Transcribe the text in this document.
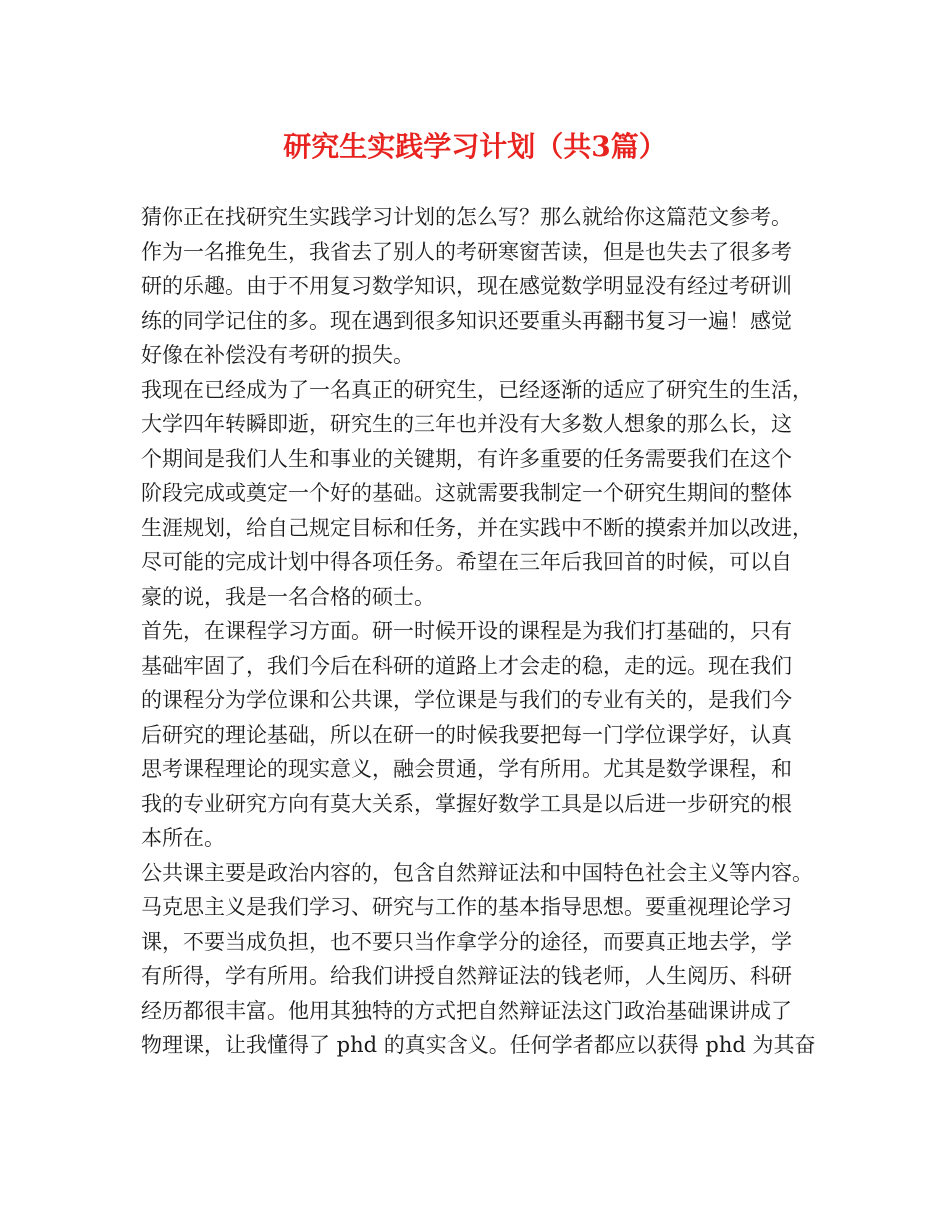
研究生实践学习计划（共3篇）
猜你正在找研究生实践学习计划的怎么写？那么就给你这篇范文参考。
作为一名推免生，我省去了别人的考研寒窗苦读，但是也失去了很多考
研的乐趣。由于不用复习数学知识，现在感觉数学明显没有经过考研训
练的同学记住的多。现在遇到很多知识还要重头再翻书复习一遍！感觉
好像在补偿没有考研的损失。
我现在已经成为了一名真正的研究生，已经逐渐的适应了研究生的生活，
大学四年转瞬即逝，研究生的三年也并没有大多数人想象的那么长，这
个期间是我们人生和事业的关键期，有许多重要的任务需要我们在这个
阶段完成或奠定一个好的基础。这就需要我制定一个研究生期间的整体
生涯规划，给自己规定目标和任务，并在实践中不断的摸索并加以改进，
尽可能的完成计划中得各项任务。希望在三年后我回首的时候，可以自
豪的说，我是一名合格的硕士。
首先，在课程学习方面。研一时候开设的课程是为我们打基础的，只有
基础牢固了，我们今后在科研的道路上才会走的稳，走的远。现在我们
的课程分为学位课和公共课，学位课是与我们的专业有关的，是我们今
后研究的理论基础，所以在研一的时候我要把每一门学位课学好，认真
思考课程理论的现实意义，融会贯通，学有所用。尤其是数学课程，和
我的专业研究方向有莫大关系，掌握好数学工具是以后进一步研究的根
本所在。
公共课主要是政治内容的，包含自然辩证法和中国特色社会主义等内容。
马克思主义是我们学习、研究与工作的基本指导思想。要重视理论学习
课，不要当成负担，也不要只当作拿学分的途径，而要真正地去学，学
有所得，学有所用。给我们讲授自然辩证法的钱老师，人生阅历、科研
经历都很丰富。他用其独特的方式把自然辩证法这门政治基础课讲成了
物理课，让我懂得了 phd 的真实含义。任何学者都应以获得 phd 为其奋
